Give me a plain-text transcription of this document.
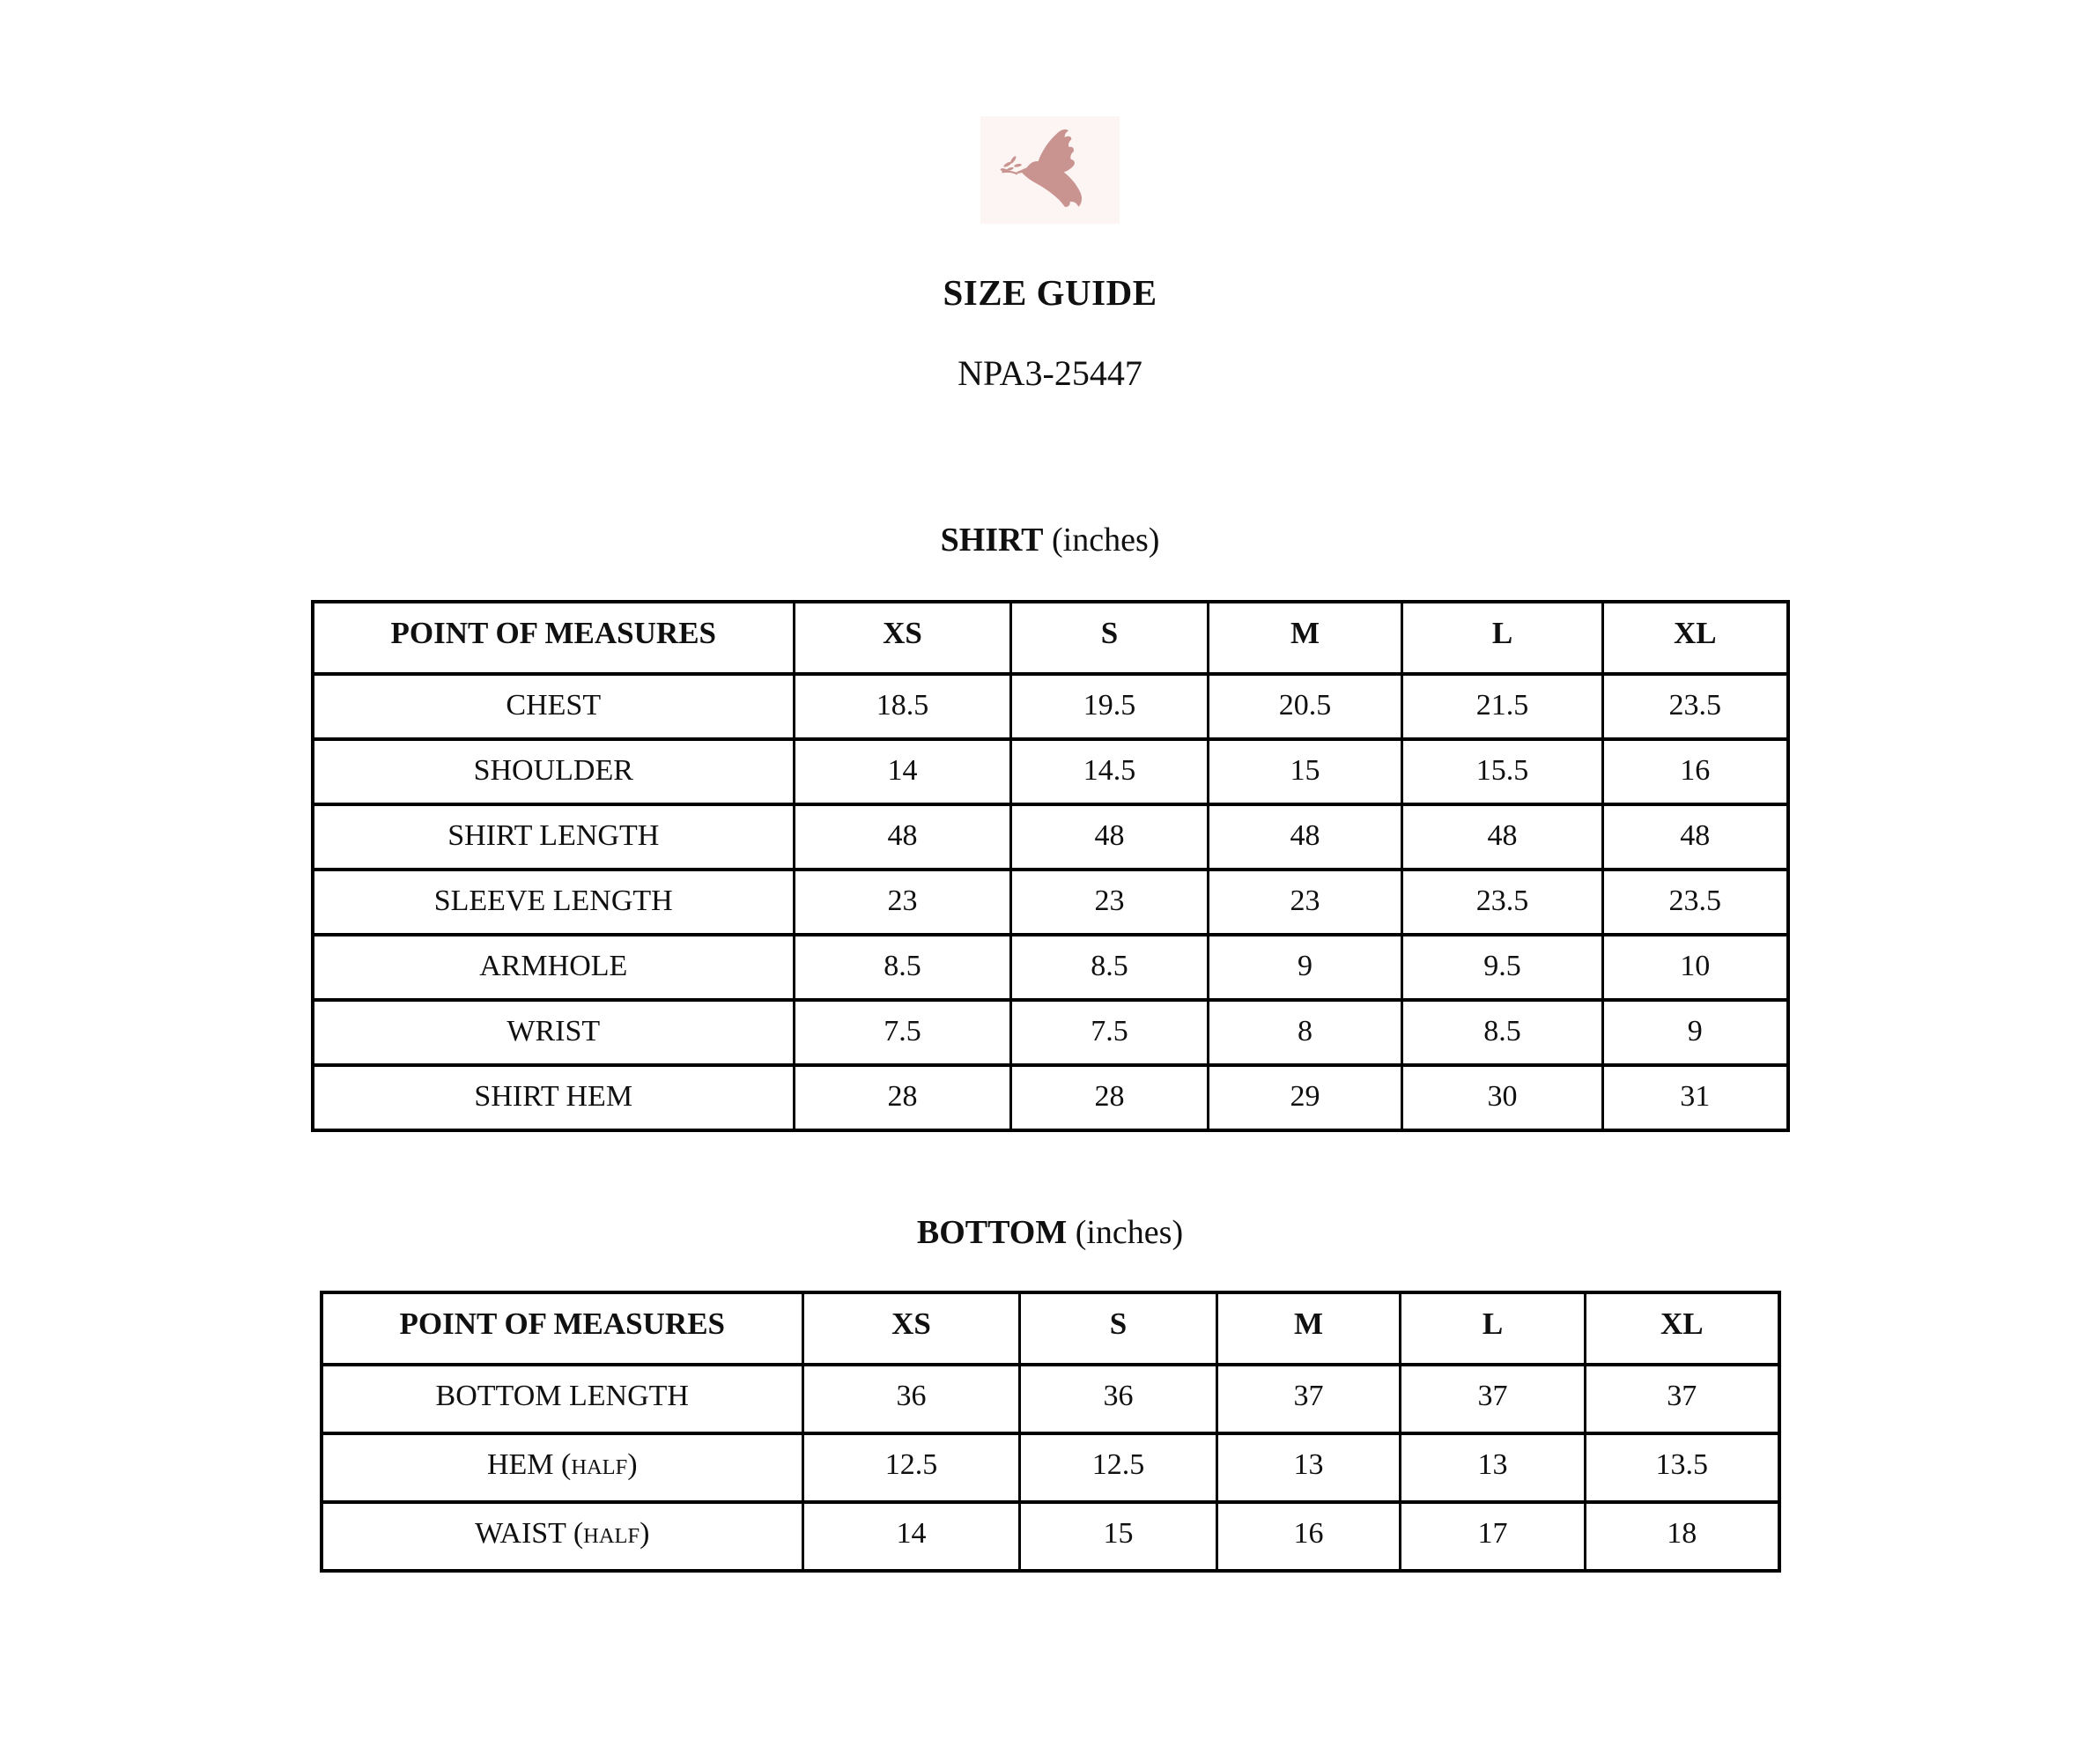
SIZE GUIDE
NPA3-25447
SHIRT (inches)
POINT OF MEASURES	XS	S	M	L	XL
CHEST	18.5	19.5	20.5	21.5	23.5
SHOULDER	14	14.5	15	15.5	16
SHIRT LENGTH	48	48	48	48	48
SLEEVE LENGTH	23	23	23	23.5	23.5
ARMHOLE	8.5	8.5	9	9.5	10
WRIST	7.5	7.5	8	8.5	9
SHIRT HEM	28	28	29	30	31
BOTTOM (inches)
POINT OF MEASURES	XS	S	M	L	XL
BOTTOM LENGTH	36	36	37	37	37
HEM (HALF)	12.5	12.5	13	13	13.5
WAIST (HALF)	14	15	16	17	18
